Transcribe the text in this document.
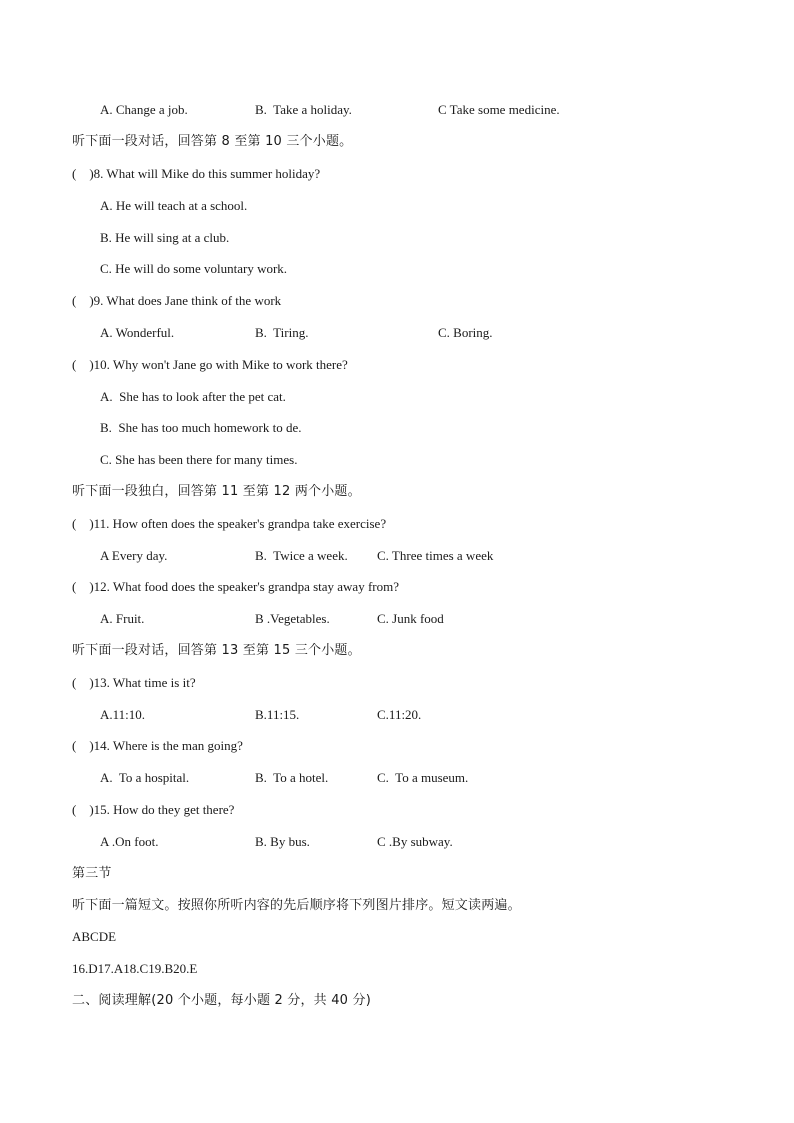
A. Change a job.	B.  Take a holiday.	C Take some medicine.
听下面一段对话，回答第 8 至第 10 三个小题。
(    )8. What will Mike do this summer holiday?
A. He will teach at a school.
B. He will sing at a club.
C. He will do some voluntary work.
(    )9. What does Jane think of the work
A. Wonderful.	B.  Tiring.	C. Boring.
(    )10. Why won't Jane go with Mike to work there?
A.  She has to look after the pet cat.
B.  She has too much homework to de.
C. She has been there for many times.
听下面一段独白，回答第 11 至第 12 两个小题。
(    )11. How often does the speaker's grandpa take exercise?
A Every day.	B.  Twice a week. C. Three times a week
(    )12. What food does the speaker's grandpa stay away from?
A. Fruit.	B .Vegetables.	C. Junk food
听下面一段对话，回答第 13 至第 15 三个小题。
(    )13. What time is it?
A.11:10.	B.11:15.	C.11:20.
(    )14. Where is the man going?
A.  To a hospital.	B.  To a hotel.	C.  To a museum.
(    )15. How do they get there?
A .On foot.	B. By bus.	C .By subway.
第三节
听下面一篇短文。按照你所听内容的先后顺序将下列图片排序。短文读两遍。
ABCDE
16.D17.A18.C19.B20.E
二、阅读理解(20 个小题，每小题 2 分，共 40 分)
